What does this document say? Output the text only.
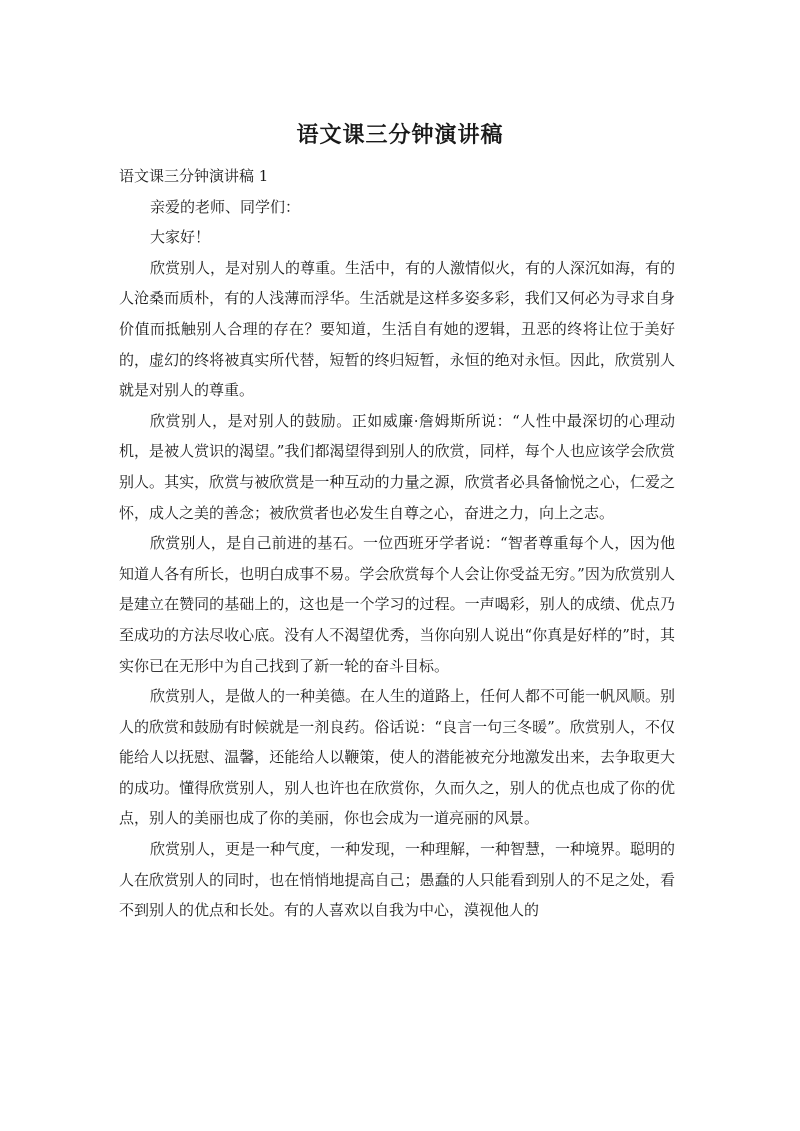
语文课三分钟演讲稿

语文课三分钟演讲稿 1

亲爱的老师、同学们：

大家好！

欣赏别人，是对别人的尊重。生活中，有的人激情似火，有的人深沉如海，有的人沧桑而质朴，有的人浅薄而浮华。生活就是这样多姿多彩，我们又何必为寻求自身价值而抵触别人合理的存在？要知道，生活自有她的逻辑，丑恶的终将让位于美好的，虚幻的终将被真实所代替，短暂的终归短暂，永恒的绝对永恒。因此，欣赏别人就是对别人的尊重。

欣赏别人，是对别人的鼓励。正如威廉·詹姆斯所说：“人性中最深切的心理动机，是被人赏识的渴望。”我们都渴望得到别人的欣赏，同样，每个人也应该学会欣赏别人。其实，欣赏与被欣赏是一种互动的力量之源，欣赏者必具备愉悦之心，仁爱之怀，成人之美的善念；被欣赏者也必发生自尊之心，奋进之力，向上之志。

欣赏别人，是自己前进的基石。一位西班牙学者说：“智者尊重每个人，因为他知道人各有所长，也明白成事不易。学会欣赏每个人会让你受益无穷。”因为欣赏别人是建立在赞同的基础上的，这也是一个学习的过程。一声喝彩，别人的成绩、优点乃至成功的方法尽收心底。没有人不渴望优秀，当你向别人说出“你真是好样的”时，其实你已在无形中为自己找到了新一轮的奋斗目标。

欣赏别人，是做人的一种美德。在人生的道路上，任何人都不可能一帆风顺。别人的欣赏和鼓励有时候就是一剂良药。俗话说：“良言一句三冬暖”。欣赏别人，不仅能给人以抚慰、温馨，还能给人以鞭策，使人的潜能被充分地激发出来，去争取更大的成功。懂得欣赏别人，别人也许也在欣赏你，久而久之，别人的优点也成了你的优点，别人的美丽也成了你的美丽，你也会成为一道亮丽的风景。

欣赏别人，更是一种气度，一种发现，一种理解，一种智慧，一种境界。聪明的人在欣赏别人的同时，也在悄悄地提高自己；愚蠢的人只能看到别人的不足之处，看不到别人的优点和长处。有的人喜欢以自我为中心，漠视他人的
